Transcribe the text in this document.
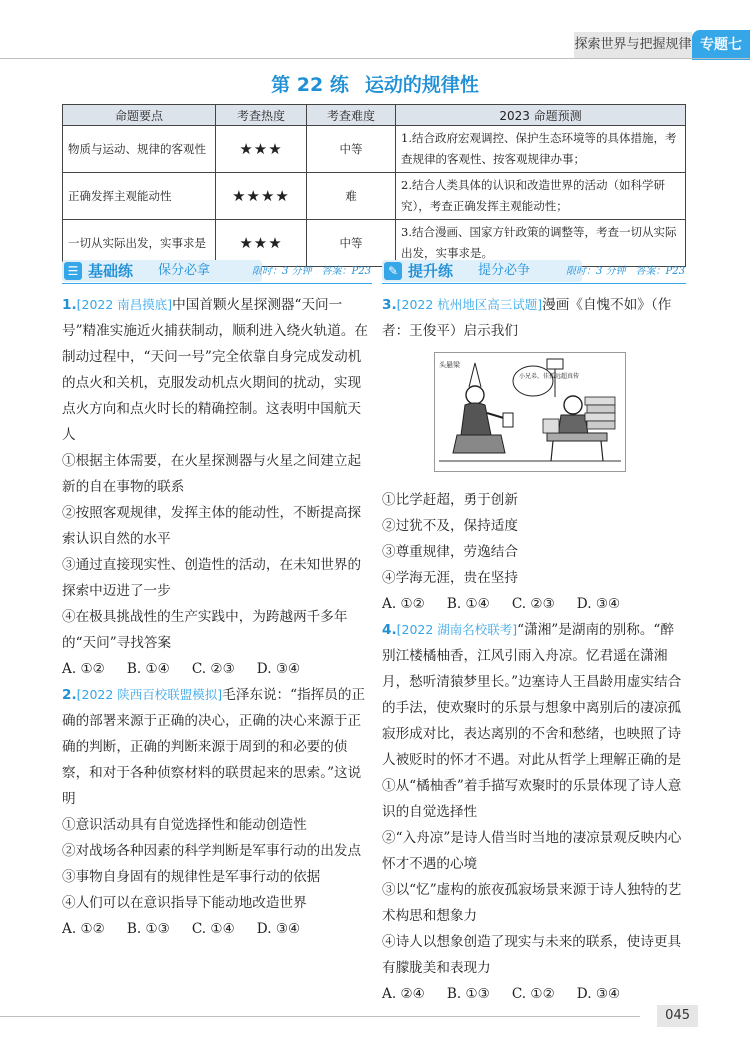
探索世界与把握规律 专题七
第 22 练 运动的规律性
命题要点	考查热度	考查难度	2023 命题预测
物质与运动、规律的客观性	★★★	中等	1.结合政府宏观调控、保护生态环境等的具体措施，考查规律的客观性、按客观规律办事；
正确发挥主观能动性	★★★★	难	2.结合人类具体的认识和改造世界的活动（如科学研究），考查正确发挥主观能动性；
一切从实际出发，实事求是	★★★	中等	3.结合漫画、国家方针政策的调整等，考查一切从实际出发，实事求是。
☰ 基础练 保分必拿	限时：3 分钟　答案：P23	✎ 提升练 提分必争	限时：3 分钟　答案：P23

1.[2022 南昌摸底]中国首颗火星探测器“天问一号”精准实施近火捕获制动，顺利进入绕火轨道。在制动过程中，“天问一号”完全依靠自身完成发动机的点火和关机，克服发动机点火期间的扰动，实现点火方向和点火时长的精确控制。这表明中国航天人

①根据主体需要，在火星探测器与火星之间建立起新的自在事物的联系

②按照客观规律，发挥主体的能动性，不断提高探索认识自然的水平

③通过直接现实性、创造性的活动，在未知世界的探索中迈进了一步

④在极具挑战性的生产实践中，为跨越两千多年的“天问”寻找答案

A. ①② B. ①④ C. ②③ D. ③④

2.[2022 陕西百校联盟模拟]毛泽东说：“指挥员的正确的部署来源于正确的决心，正确的决心来源于正确的判断，正确的判断来源于周到的和必要的侦察，和对于各种侦察材料的联贯起来的思索。”这说明

①意识活动具有自觉选择性和能动创造性

②对战场各种因素的科学判断是军事行动的出发点

③事物自身固有的规律性是军事行动的依据

④人们可以在意识指导下能动地改造世界

A. ①② B. ①③ C. ①④ D. ③④

3.[2022 杭州地区高三试题]漫画《自愧不如》（作者：王俊平）启示我们

头悬梁
小兄弟，佳孤远超真传

①比学赶超，勇于创新

②过犹不及，保持适度

③尊重规律，劳逸结合

④学海无涯，贵在坚持

A. ①② B. ①④ C. ②③ D. ③④

4.[2022 湖南名校联考]“潇湘”是湖南的别称。“醉别江楼橘柚香，江风引雨入舟凉。忆君遥在潇湘月，愁听清猿梦里长。”边塞诗人王昌龄用虚实结合的手法，使欢聚时的乐景与想象中离别后的凄凉孤寂形成对比，表达离别的不舍和愁绪，也映照了诗人被贬时的怀才不遇。对此从哲学上理解正确的是

①从“橘柚香”着手描写欢聚时的乐景体现了诗人意识的自觉选择性

②“入舟凉”是诗人借当时当地的凄凉景观反映内心怀才不遇的心境

③以“忆”虚构的旅夜孤寂场景来源于诗人独特的艺术构思和想象力

④诗人以想象创造了现实与未来的联系，使诗更具有朦胧美和表现力

A. ②④ B. ①③ C. ①② D. ③④

045
